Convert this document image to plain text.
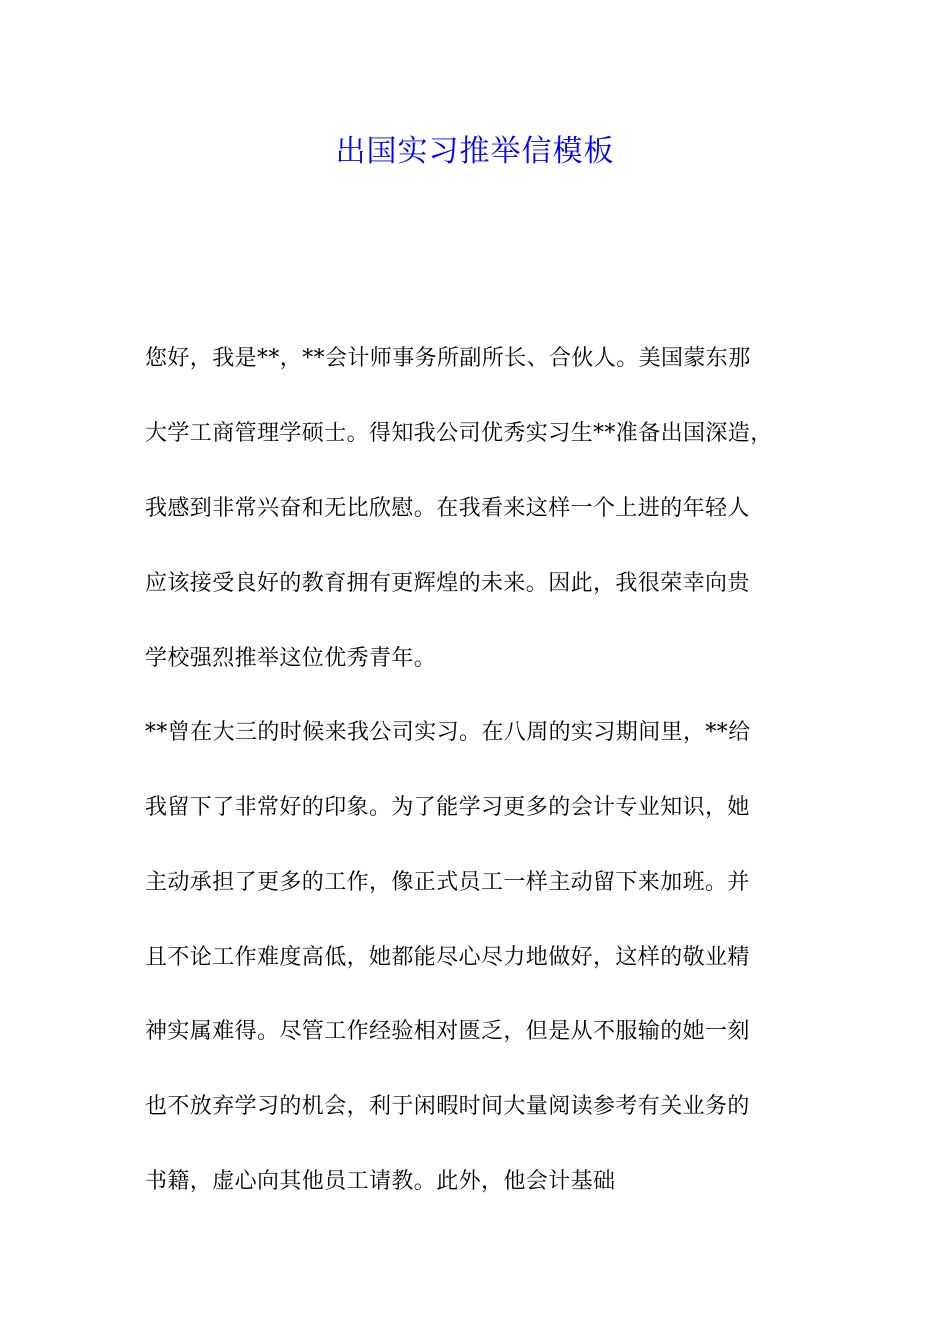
出国实习推举信模板
您好，我是**，**会计师事务所副所长、合伙人。美国蒙东那
大学工商管理学硕士。得知我公司优秀实习生**准备出国深造，
我感到非常兴奋和无比欣慰。在我看来这样一个上进的年轻人
应该接受良好的教育拥有更辉煌的未来。因此，我很荣幸向贵
学校强烈推举这位优秀青年。
**曾在大三的时候来我公司实习。在八周的实习期间里，**给
我留下了非常好的印象。为了能学习更多的会计专业知识，她
主动承担了更多的工作，像正式员工一样主动留下来加班。并
且不论工作难度高低，她都能尽心尽力地做好，这样的敬业精
神实属难得。尽管工作经验相对匮乏，但是从不服输的她一刻
也不放弃学习的机会，利于闲暇时间大量阅读参考有关业务的
书籍，虚心向其他员工请教。此外，他会计基础
